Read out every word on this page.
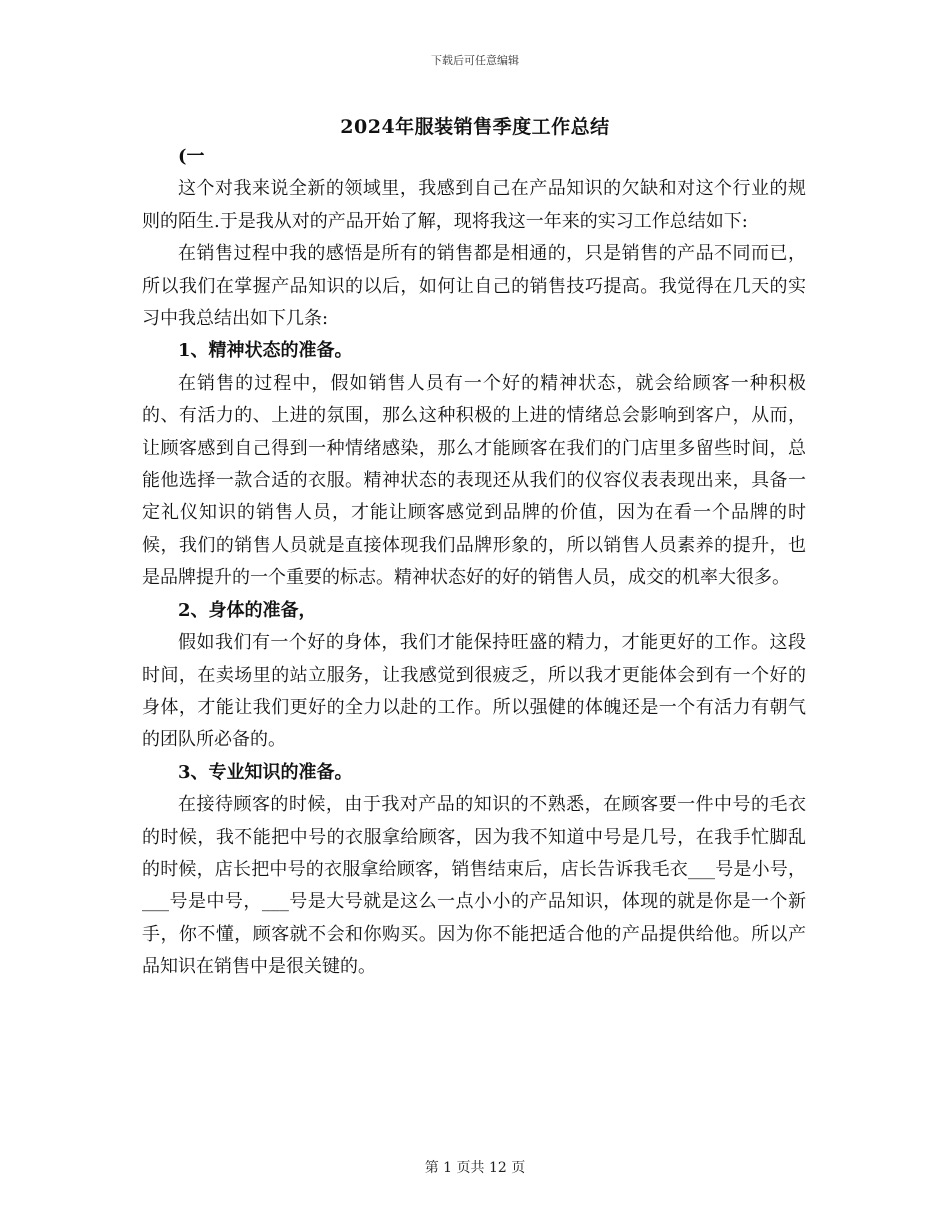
下载后可任意编辑
2024年服装销售季度工作总结

(一

这个对我来说全新的领域里，我感到自己在产品知识的欠缺和对这个行业的规则的陌生.于是我从对的产品开始了解，现将我这一年来的实习工作总结如下:

在销售过程中我的感悟是所有的销售都是相通的，只是销售的产品不同而已，所以我们在掌握产品知识的以后，如何让自己的销售技巧提高。我觉得在几天的实习中我总结出如下几条:

1、精神状态的准备。

在销售的过程中，假如销售人员有一个好的精神状态，就会给顾客一种积极的、有活力的、上进的氛围，那么这种积极的上进的情绪总会影响到客户，从而，让顾客感到自己得到一种情绪感染，那么才能顾客在我们的门店里多留些时间，总能他选择一款合适的衣服。精神状态的表现还从我们的仪容仪表表现出来，具备一定礼仪知识的销售人员，才能让顾客感觉到品牌的价值，因为在看一个品牌的时候，我们的销售人员就是直接体现我们品牌形象的，所以销售人员素养的提升，也是品牌提升的一个重要的标志。精神状态好的好的销售人员，成交的机率大很多。

2、身体的准备，

假如我们有一个好的身体，我们才能保持旺盛的精力，才能更好的工作。这段时间，在卖场里的站立服务，让我感觉到很疲乏，所以我才更能体会到有一个好的身体，才能让我们更好的全力以赴的工作。所以强健的体魄还是一个有活力有朝气的团队所必备的。

3、专业知识的准备。

在接待顾客的时候，由于我对产品的知识的不熟悉，在顾客要一件中号的毛衣的时候，我不能把中号的衣服拿给顾客，因为我不知道中号是几号，在我手忙脚乱的时候，店长把中号的衣服拿给顾客，销售结束后，店长告诉我毛衣___号是小号，___号是中号，___号是大号就是这么一点小小的产品知识，体现的就是你是一个新手，你不懂，顾客就不会和你购买。因为你不能把适合他的产品提供给他。所以产品知识在销售中是很关键的。

第 1 页共 12 页
